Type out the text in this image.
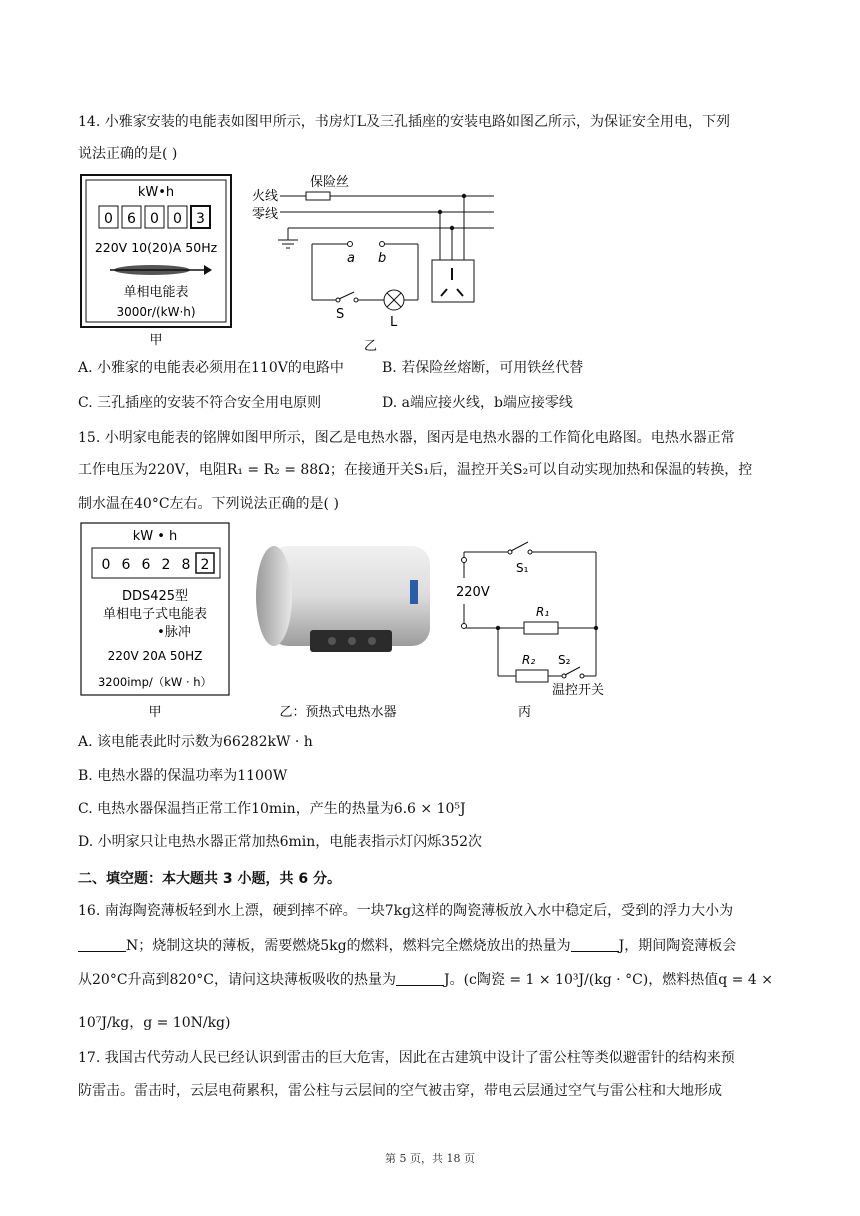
14. 小雅家安装的电能表如图甲所示，书房灯L及三孔插座的安装电路如图乙所示，为保证安全用电，下列
说法正确的是( )
kW•h
0 6 0 0 3
220V 10(20)A 50Hz
单相电能表
3000r/(kW·h)
甲
火线
保险丝
零线
a b
S
L
乙
A. 小雅家的电能表必须用在110V的电路中	B. 若保险丝熔断，可用铁丝代替
C. 三孔插座的安装不符合安全用电原则	D. a端应接火线，b端应接零线
15. 小明家电能表的铭牌如图甲所示，图乙是电热水器，图丙是电热水器的工作简化电路图。电热水器正常
工作电压为220V，电阻R₁ = R₂ = 88Ω；在接通开关S₁后，温控开关S₂可以自动实现加热和保温的转换，控
制水温在40°C左右。下列说法正确的是( )
kW • h
0 6 6 2 8 2
DDS425型
单相电子式电能表
•脉冲
220V 20A 50HZ
3200imp/（kW · h）
甲	乙：预热式电热水器
220V
S₁
R₁
R₂ S₂
温控开关
丙
A. 该电能表此时示数为66282kW · h
B. 电热水器的保温功率为1100W
C. 电热水器保温挡正常工作10min，产生的热量为6.6 × 10⁵J
D. 小明家只让电热水器正常加热6min，电能表指示灯闪烁352次
二、填空题：本大题共 3 小题，共 6 分。
16. 南海陶瓷薄板轻到水上漂，硬到摔不碎。一块7kg这样的陶瓷薄板放入水中稳定后，受到的浮力大小为
N；烧制这块的薄板，需要燃烧5kg的燃料，燃料完全燃烧放出的热量为	J，期间陶瓷薄板会
从20°C升高到820°C，请问这块薄板吸收的热量为	J。(c陶瓷 = 1 × 10³J/(kg · °C)，燃料热值q = 4 ×
10⁷J/kg，g = 10N/kg)
17. 我国古代劳动人民已经认识到雷击的巨大危害，因此在古建筑中设计了雷公柱等类似避雷针的结构来预
防雷击。雷击时，云层电荷累积，雷公柱与云层间的空气被击穿，带电云层通过空气与雷公柱和大地形成
第 5 页，共 18 页
